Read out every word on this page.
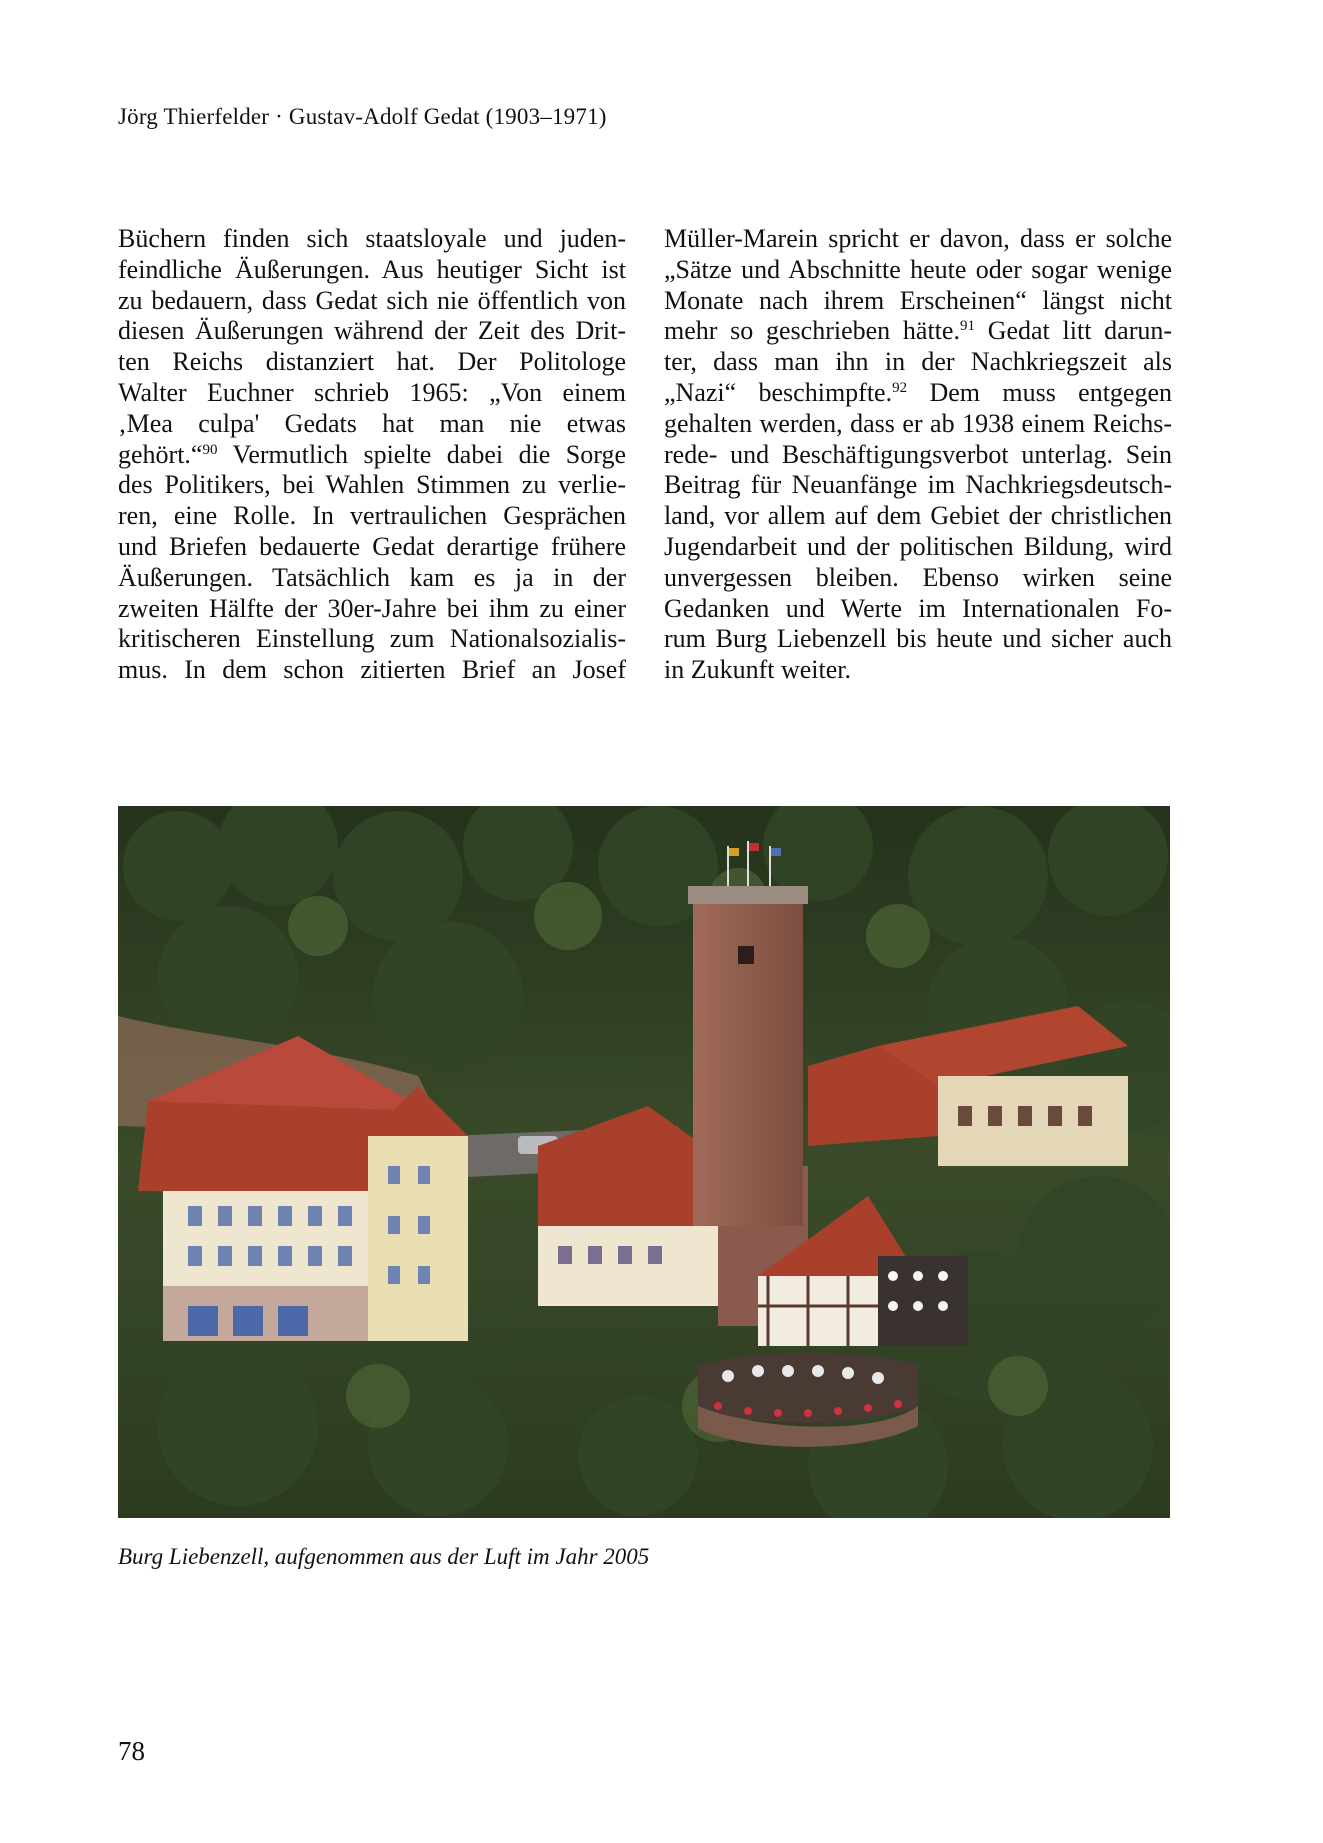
Jörg Thierfelder · Gustav-Adolf Gedat (1903–1971)
Büchern finden sich staatsloyale und juden-
feindliche Äußerungen. Aus heutiger Sicht ist
zu bedauern, dass Gedat sich nie öffentlich von
diesen Äußerungen während der Zeit des Drit-
ten Reichs distanziert hat. Der Politologe
Walter Euchner schrieb 1965: „Von einem
‚Mea culpa' Gedats hat man nie etwas
gehört.“$^{90}$ Vermutlich spielte dabei die Sorge
des Politikers, bei Wahlen Stimmen zu verlie-
ren, eine Rolle. In vertraulichen Gesprächen
und Briefen bedauerte Gedat derartige frühere
Äußerungen. Tatsächlich kam es ja in der
zweiten Hälfte der 30er-Jahre bei ihm zu einer
kritischeren Einstellung zum Nationalsozialis-
mus. In dem schon zitierten Brief an Josef
Müller-Marein spricht er davon, dass er solche
„Sätze und Abschnitte heute oder sogar wenige
Monate nach ihrem Erscheinen“ längst nicht
mehr so geschrieben hätte.$^{91}$ Gedat litt darun-
ter, dass man ihn in der Nachkriegszeit als
„Nazi“ beschimpfte.$^{92}$ Dem muss entgegen
gehalten werden, dass er ab 1938 einem Reichs-
rede- und Beschäftigungsverbot unterlag. Sein
Beitrag für Neuanfänge im Nachkriegsdeutsch-
land, vor allem auf dem Gebiet der christlichen
Jugendarbeit und der politischen Bildung, wird
unvergessen bleiben. Ebenso wirken seine
Gedanken und Werte im Internationalen Fo-
rum Burg Liebenzell bis heute und sicher auch
in Zukunft weiter.
Burg Liebenzell, aufgenommen aus der Luft im Jahr 2005
78
